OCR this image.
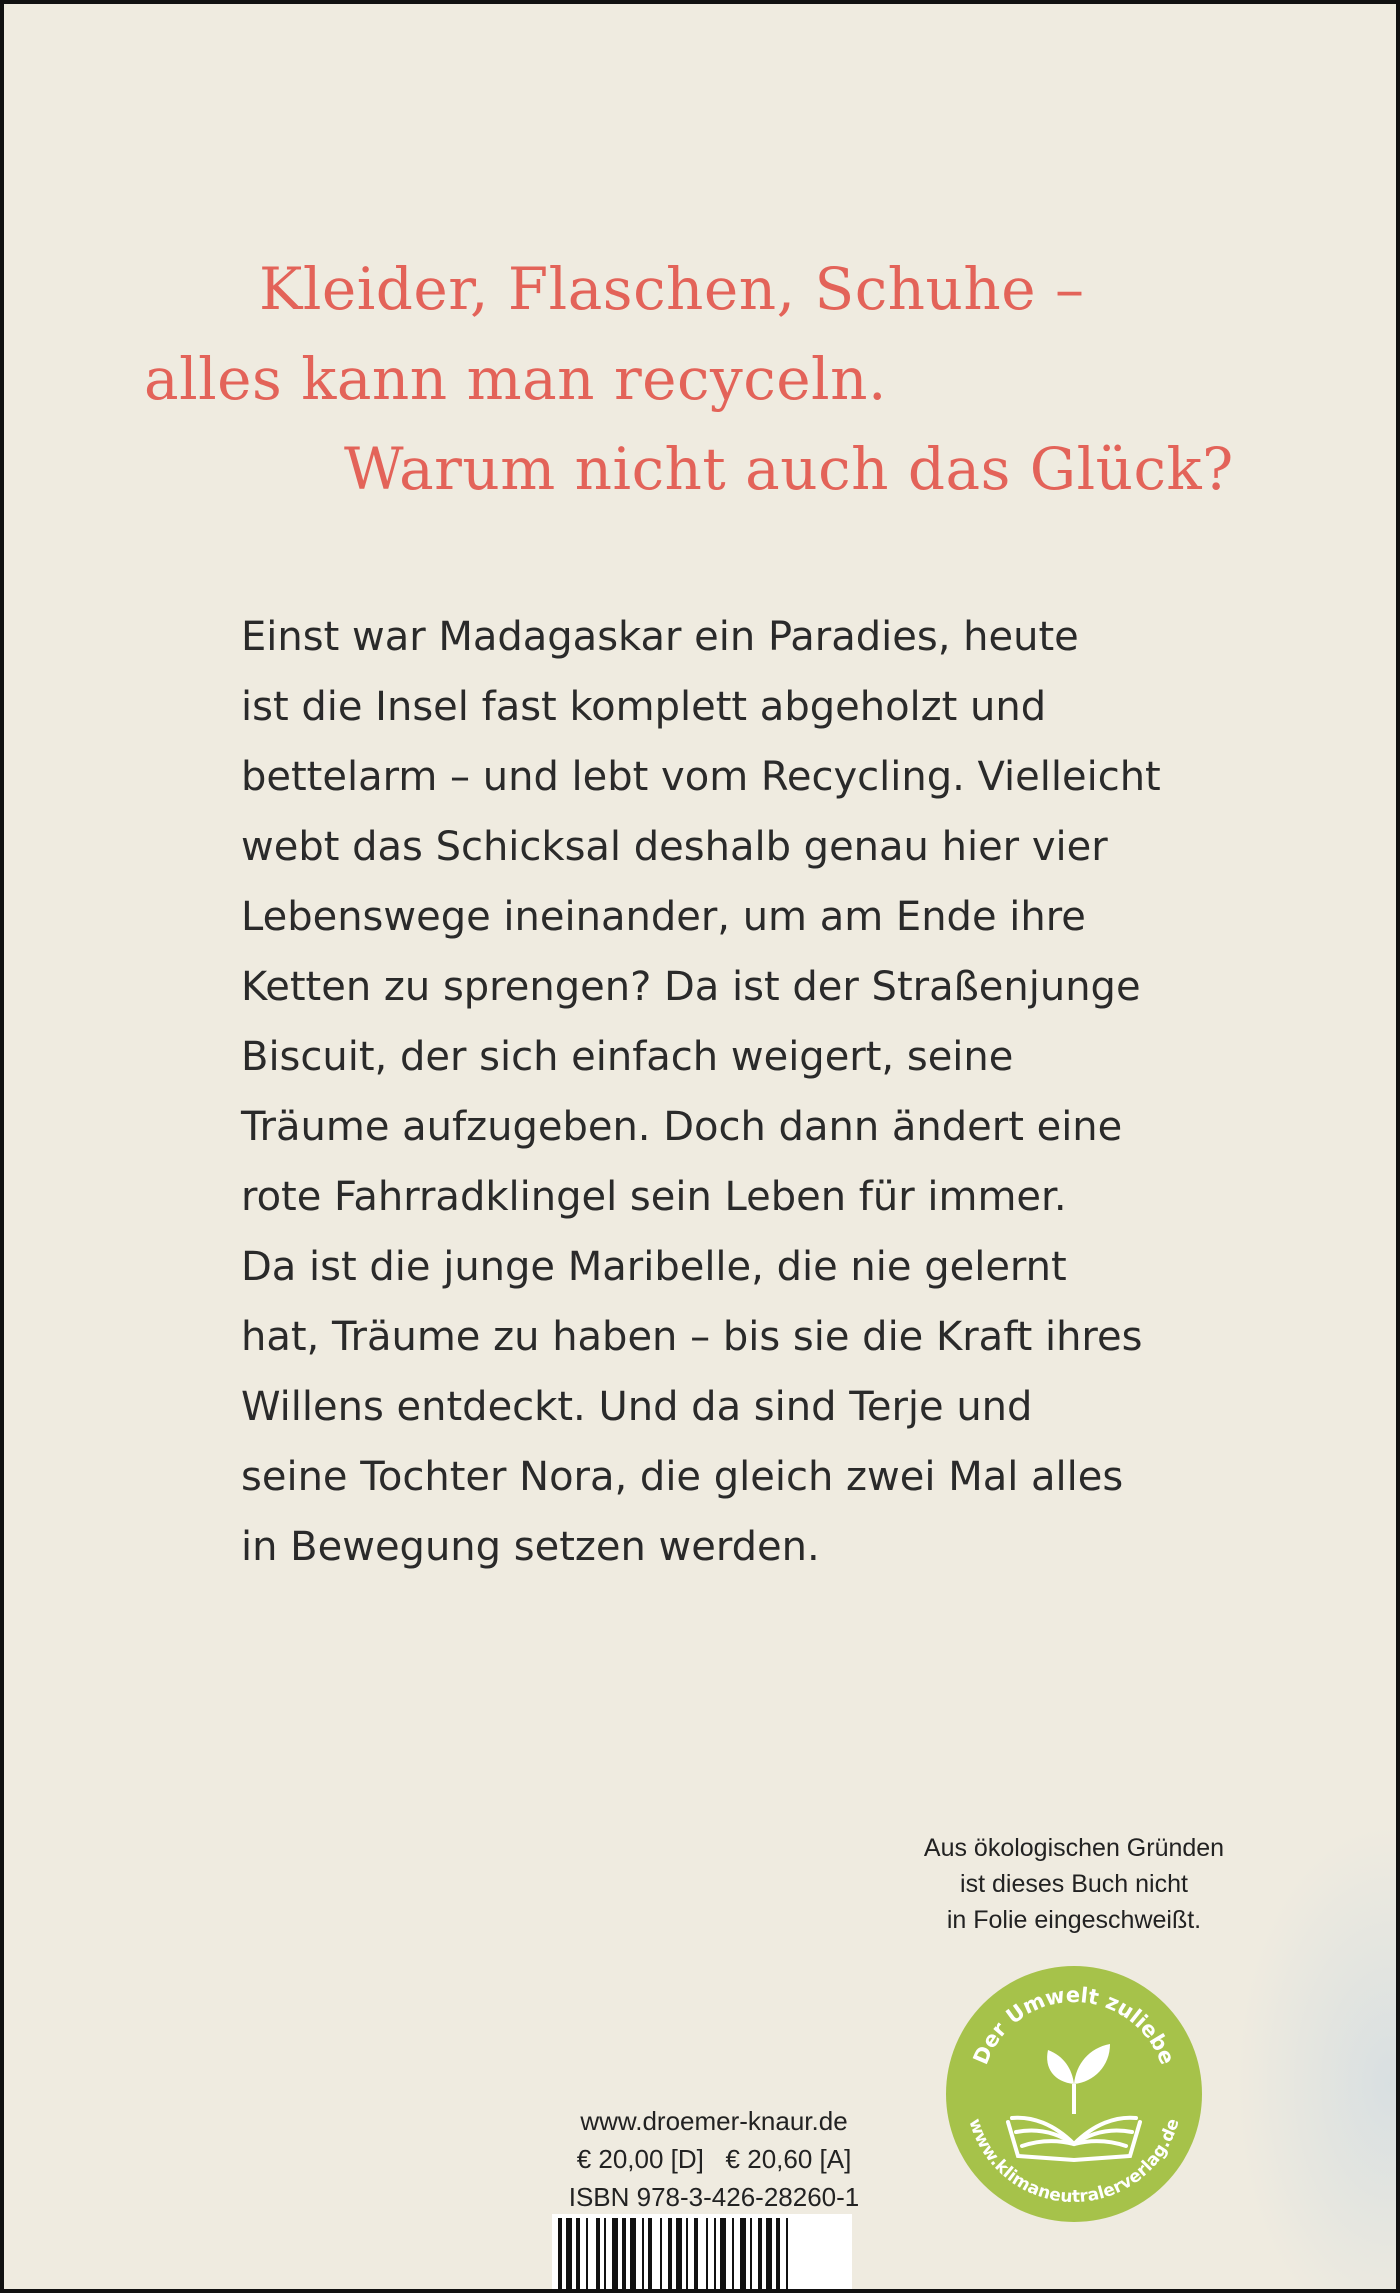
Kleider, Flaschen, Schuhe –
alles kann man recyceln.
Warum nicht auch das Glück?
Einst war Madagaskar ein Paradies, heute
ist die Insel fast komplett abgeholzt und
bettelarm – und lebt vom Recycling. Vielleicht
webt das Schicksal deshalb genau hier vier
Lebenswege ineinander, um am Ende ihre
Ketten zu sprengen? Da ist der Straßenjunge
Biscuit, der sich einfach weigert, seine
Träume aufzugeben. Doch dann ändert eine
rote Fahrradklingel sein Leben für immer.
Da ist die junge Maribelle, die nie gelernt
hat, Träume zu haben – bis sie die Kraft ihres
Willens entdeckt. Und da sind Terje und
seine Tochter Nora, die gleich zwei Mal alles
in Bewegung setzen werden.
Aus ökologischen Gründen
ist dieses Buch nicht
in Folie eingeschweißt.
Der Umwelt zuliebe
www.klimaneutralerverlag.de
www.droemer-knaur.de
€ 20,00 [D]   € 20,60 [A]
ISBN 978-3-426-28260-1
